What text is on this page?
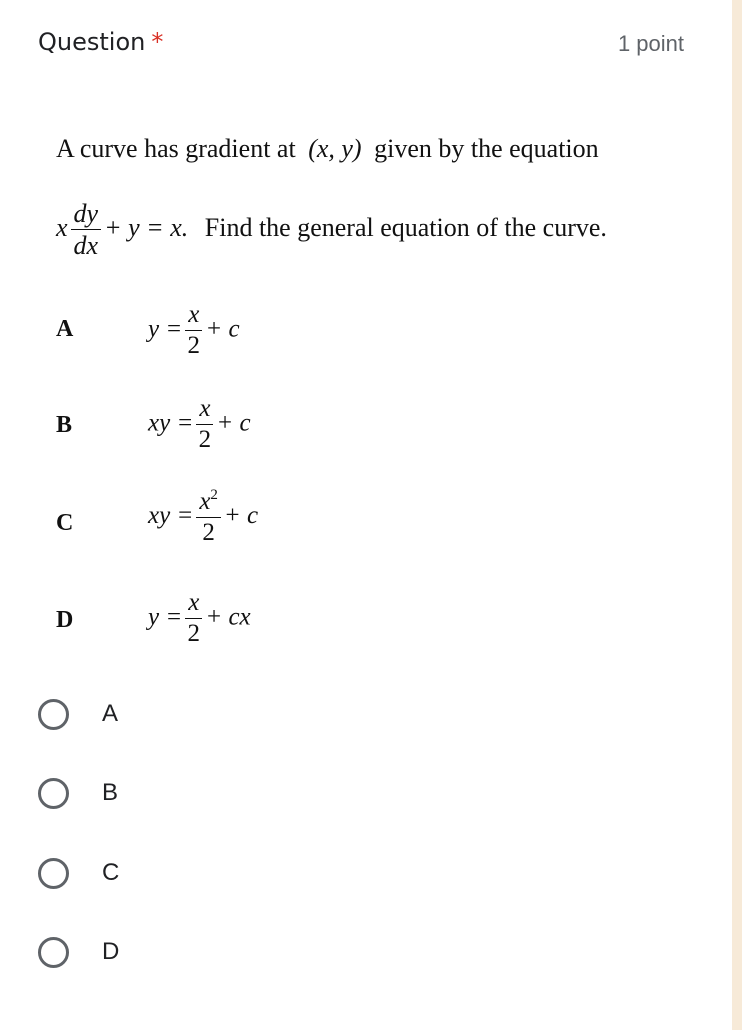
Question *	1 point
A curve has gradient at (x, y) given by the equation
x $\frac{dy}{dx} + y = x$. Find the general equation of the curve.
A	$y = \frac{x}{2} + c$
B	xy = $\frac{x}{2} + c$
C	xy = $\frac{x^2}{2} + c$
D	$y = \frac{x}{2}$ + cx
A
B
C
D
